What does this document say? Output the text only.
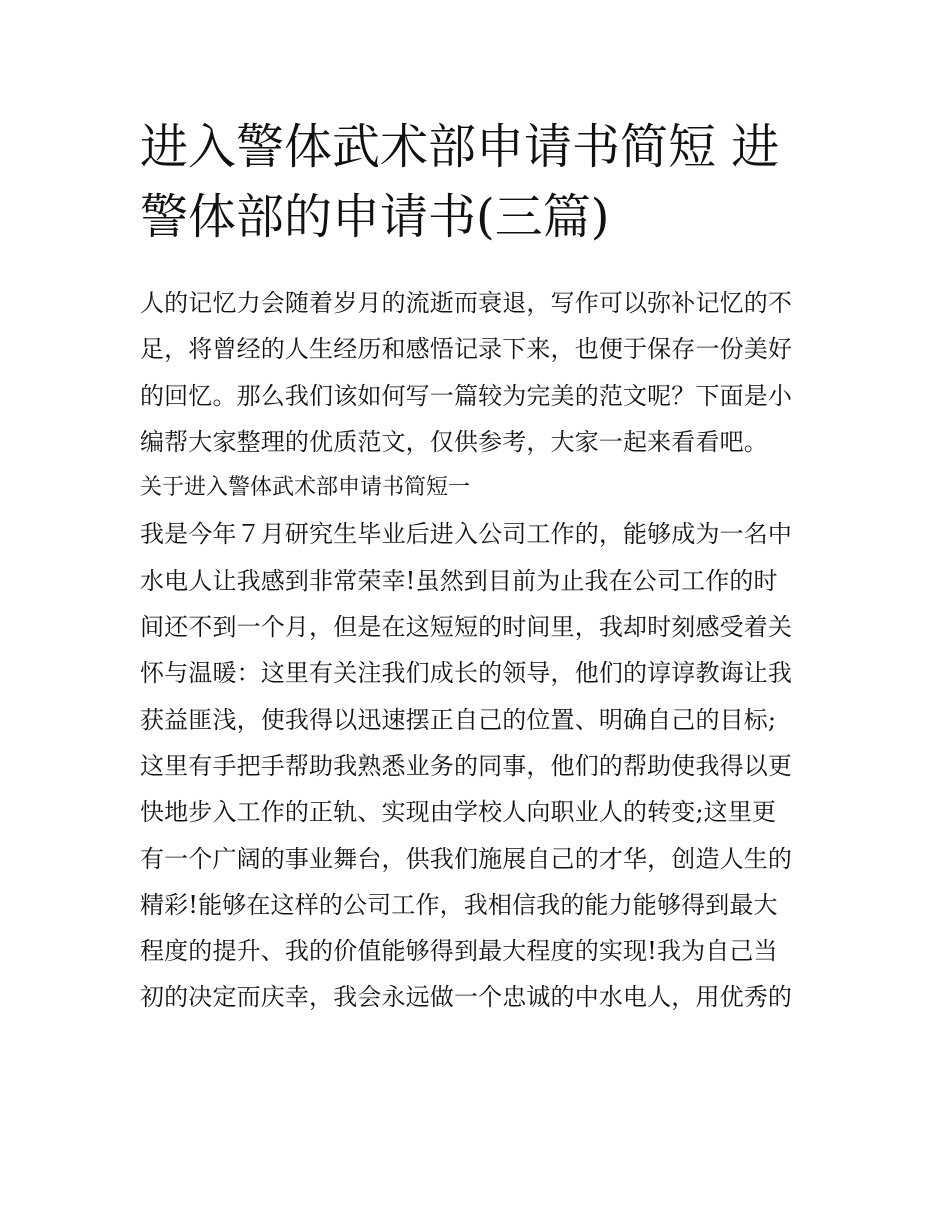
进入警体武术部申请书简短 进
警体部的申请书(三篇)
人的记忆力会随着岁月的流逝而衰退，写作可以弥补记忆的不
足，将曾经的人生经历和感悟记录下来，也便于保存一份美好
的回忆。那么我们该如何写一篇较为完美的范文呢？下面是小
编帮大家整理的优质范文，仅供参考，大家一起来看看吧。
关于进入警体武术部申请书简短一
我是今年７月研究生毕业后进入公司工作的，能够成为一名中
水电人让我感到非常荣幸!虽然到目前为止我在公司工作的时
间还不到一个月，但是在这短短的时间里，我却时刻感受着关
怀与温暖：这里有关注我们成长的领导，他们的谆谆教诲让我
获益匪浅，使我得以迅速摆正自己的位置、明确自己的目标;
这里有手把手帮助我熟悉业务的同事，他们的帮助使我得以更
快地步入工作的正轨、实现由学校人向职业人的转变;这里更
有一个广阔的事业舞台，供我们施展自己的才华，创造人生的
精彩!能够在这样的公司工作，我相信我的能力能够得到最大
程度的提升、我的价值能够得到最大程度的实现!我为自己当
初的决定而庆幸，我会永远做一个忠诚的中水电人，用优秀的
